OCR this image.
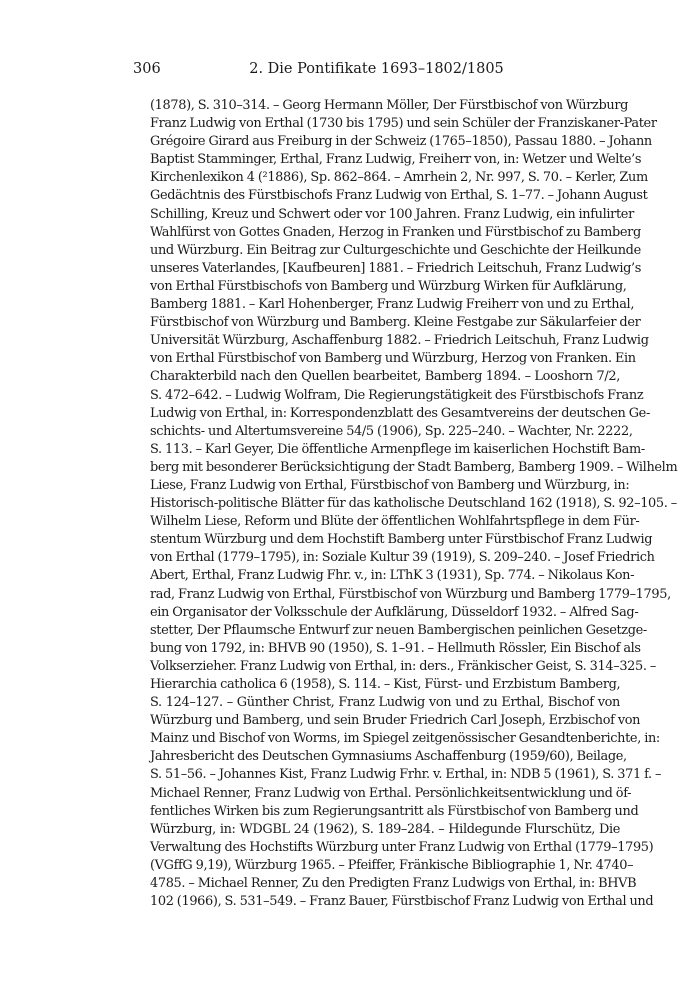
306	2. Die Pontifikate 1693–1802/1805
(1878), S. 310–314. – Georg Hermann Möller, Der Fürstbischof von Würzburg
Franz Ludwig von Erthal (1730 bis 1795) und sein Schüler der Franziskaner-Pater
Grégoire Girard aus Freiburg in der Schweiz (1765–1850), Passau 1880. – Johann
Baptist Stamminger, Erthal, Franz Ludwig, Freiherr von, in: Wetzer und Welte’s
Kirchenlexikon 4 (²1886), Sp. 862–864. – Amrhein 2, Nr. 997, S. 70. – Kerler, Zum
Gedächtnis des Fürstbischofs Franz Ludwig von Erthal, S. 1–77. – Johann August
Schilling, Kreuz und Schwert oder vor 100 Jahren. Franz Ludwig, ein infulirter
Wahlfürst von Gottes Gnaden, Herzog in Franken und Fürstbischof zu Bamberg
und Würzburg. Ein Beitrag zur Culturgeschichte und Geschichte der Heilkunde
unseres Vaterlandes, [Kaufbeuren] 1881. – Friedrich Leitschuh, Franz Ludwig’s
von Erthal Fürstbischofs von Bamberg und Würzburg Wirken für Aufklärung,
Bamberg 1881. – Karl Hohenberger, Franz Ludwig Freiherr von und zu Erthal,
Fürstbischof von Würzburg und Bamberg. Kleine Festgabe zur Säkularfeier der
Universität Würzburg, Aschaffenburg 1882. – Friedrich Leitschuh, Franz Ludwig
von Erthal Fürstbischof von Bamberg und Würzburg, Herzog von Franken. Ein
Charakterbild nach den Quellen bearbeitet, Bamberg 1894. – Looshorn 7/2,
S. 472–642. – Ludwig Wolfram, Die Regierungstätigkeit des Fürstbischofs Franz
Ludwig von Erthal, in: Korrespondenzblatt des Gesamtvereins der deutschen Ge-
schichts- und Altertumsvereine 54/5 (1906), Sp. 225–240. – Wachter, Nr. 2222,
S. 113. – Karl Geyer, Die öffentliche Armenpflege im kaiserlichen Hochstift Bam-
berg mit besonderer Berücksichtigung der Stadt Bamberg, Bamberg 1909. – Wilhelm
Liese, Franz Ludwig von Erthal, Fürstbischof von Bamberg und Würzburg, in:
Historisch-politische Blätter für das katholische Deutschland 162 (1918), S. 92–105. –
Wilhelm Liese, Reform und Blüte der öffentlichen Wohlfahrtspflege in dem Für-
stentum Würzburg und dem Hochstift Bamberg unter Fürstbischof Franz Ludwig
von Erthal (1779–1795), in: Soziale Kultur 39 (1919), S. 209–240. – Josef Friedrich
Abert, Erthal, Franz Ludwig Fhr. v., in: LThK 3 (1931), Sp. 774. – Nikolaus Kon-
rad, Franz Ludwig von Erthal, Fürstbischof von Würzburg und Bamberg 1779–1795,
ein Organisator der Volksschule der Aufklärung, Düsseldorf 1932. – Alfred Sag-
stetter, Der Pflaumsche Entwurf zur neuen Bambergischen peinlichen Gesetzge-
bung von 1792, in: BHVB 90 (1950), S. 1–91. – Hellmuth Rössler, Ein Bischof als
Volkserzieher. Franz Ludwig von Erthal, in: ders., Fränkischer Geist, S. 314–325. –
Hierarchia catholica 6 (1958), S. 114. – Kist, Fürst- und Erzbistum Bamberg,
S. 124–127. – Günther Christ, Franz Ludwig von und zu Erthal, Bischof von
Würzburg und Bamberg, und sein Bruder Friedrich Carl Joseph, Erzbischof von
Mainz und Bischof von Worms, im Spiegel zeitgenössischer Gesandtenberichte, in:
Jahresbericht des Deutschen Gymnasiums Aschaffenburg (1959/60), Beilage,
S. 51–56. – Johannes Kist, Franz Ludwig Frhr. v. Erthal, in: NDB 5 (1961), S. 371 f. –
Michael Renner, Franz Ludwig von Erthal. Persönlichkeitsentwicklung und öf-
fentliches Wirken bis zum Regierungsantritt als Fürstbischof von Bamberg und
Würzburg, in: WDGBL 24 (1962), S. 189–284. – Hildegunde Flurschütz, Die
Verwaltung des Hochstifts Würzburg unter Franz Ludwig von Erthal (1779–1795)
(VGffG 9,19), Würzburg 1965. – Pfeiffer, Fränkische Bibliographie 1, Nr. 4740–
4785. – Michael Renner, Zu den Predigten Franz Ludwigs von Erthal, in: BHVB
102 (1966), S. 531–549. – Franz Bauer, Fürstbischof Franz Ludwig von Erthal und
